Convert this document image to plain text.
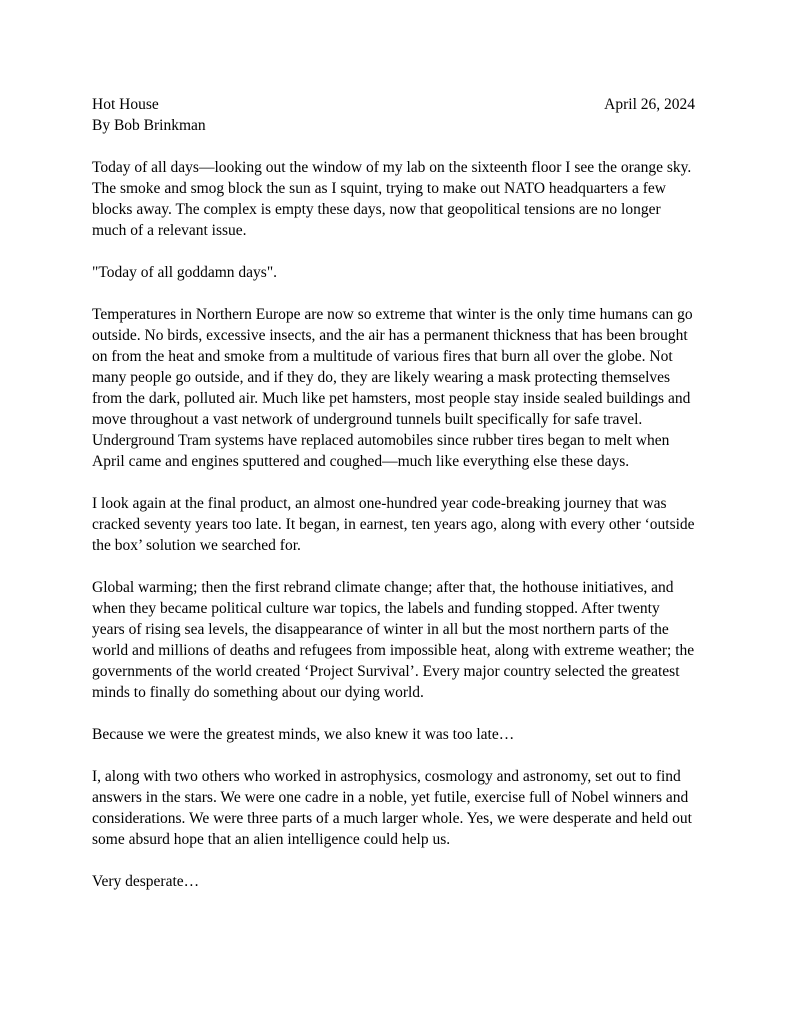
Hot House	April 26, 2024
By Bob Brinkman

Today of all days—looking out the window of my lab on the sixteenth floor I see the orange sky. The smoke and smog block the sun as I squint, trying to make out NATO headquarters a few blocks away. The complex is empty these days, now that geopolitical tensions are no longer much of a relevant issue.

"Today of all goddamn days".

Temperatures in Northern Europe are now so extreme that winter is the only time humans can go outside. No birds, excessive insects, and the air has a permanent thickness that has been brought on from the heat and smoke from a multitude of various fires that burn all over the globe. Not many people go outside, and if they do, they are likely wearing a mask protecting themselves from the dark, polluted air. Much like pet hamsters, most people stay inside sealed buildings and move throughout a vast network of underground tunnels built specifically for safe travel. Underground Tram systems have replaced automobiles since rubber tires began to melt when April came and engines sputtered and coughed—much like everything else these days.

I look again at the final product, an almost one-hundred year code-breaking journey that was cracked seventy years too late. It began, in earnest, ten years ago, along with every other ‘outside the box’ solution we searched for.

Global warming; then the first rebrand climate change; after that, the hothouse initiatives, and when they became political culture war topics, the labels and funding stopped. After twenty years of rising sea levels, the disappearance of winter in all but the most northern parts of the world and millions of deaths and refugees from impossible heat, along with extreme weather; the governments of the world created ‘Project Survival’. Every major country selected the greatest minds to finally do something about our dying world.

Because we were the greatest minds, we also knew it was too late…

I, along with two others who worked in astrophysics, cosmology and astronomy, set out to find answers in the stars. We were one cadre in a noble, yet futile, exercise full of Nobel winners and considerations. We were three parts of a much larger whole. Yes, we were desperate and held out some absurd hope that an alien intelligence could help us.

Very desperate…
